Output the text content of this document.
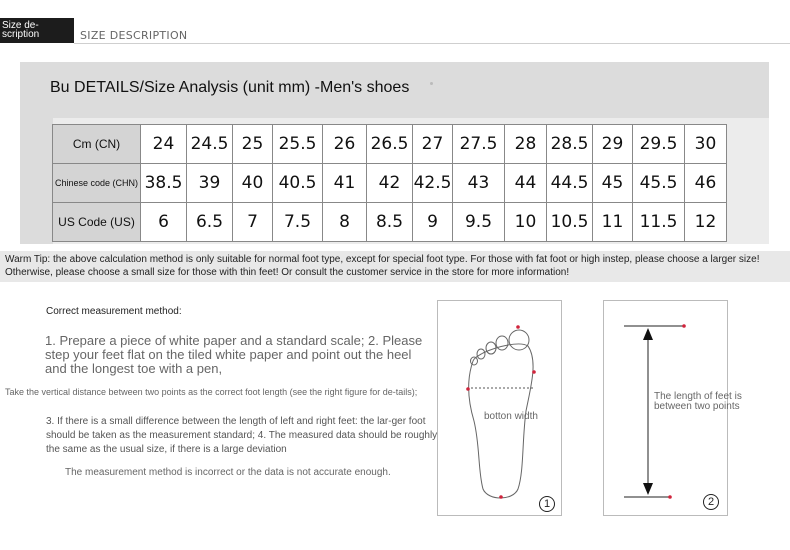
Size de-
scription	SIZE DESCRIPTION
Bu DETAILS/Size Analysis (unit mm) -Men's shoes
Cm (CN)	24	24.5	25	25.5	26	26.5	27	27.5	28	28.5	29	29.5	30
Chinese code (CHN)	38.5	39	40	40.5	41	42	42.5	43	44	44.5	45	45.5	46
US Code (US)	6	6.5	7	7.5	8	8.5	9	9.5	10	10.5	11	11.5	12
Warm Tip: the above calculation method is only suitable for normal foot type, except for special foot type. For those with fat foot or high instep, please choose a larger size! Otherwise, please choose a small size for those with thin feet! Or consult the customer service in the store for more information!
Correct measurement method:
1. Prepare a piece of white paper and a standard scale; 2. Please step your feet flat on the tiled white paper and point out the heel and the longest toe with a pen,
Take the vertical distance between two points as the correct foot length (see the right figure for de-tails);
3. If there is a small difference between the length of left and right feet: the lar-ger foot should be taken as the measurement standard; 4. The measured data should be roughly the same as the usual size, if there is a large deviation
The measurement method is incorrect or the data is not accurate enough.
botton width
1
The length of feet is between two points
2
